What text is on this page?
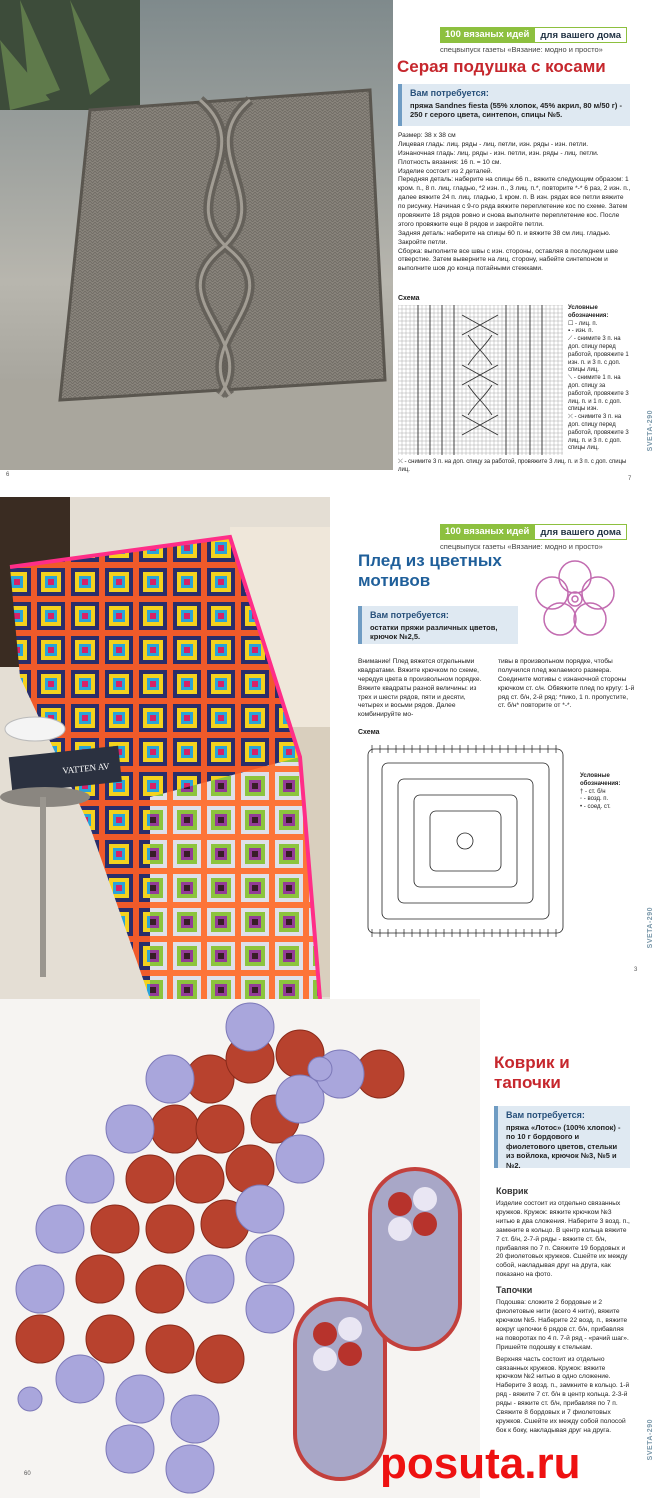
6
100 вязаных идей	для вашего дома
спецвыпуск газеты «Вязание: модно и просто»
Серая подушка с косами
Вам потребуется:
пряжа Sandnes fiesta (55% хлопок, 45% акрил, 80 м/50 г) - 250 г серого цвета, синтепон, спицы №5.
Размер: 38 х 38 см
Лицевая гладь: лиц. ряды - лиц. петли, изн. ряды - изн. петли.
Изнаночная гладь: лиц. ряды - изн. петли, изн. ряды - лиц. петли.
Плотность вязания: 16 п. = 10 см.
Изделие состоит из 2 деталей.
Передняя деталь: наберите на спицы 66 п., вяжите следующим образом: 1 кром. п., 8 п. лиц. гладью, *2 изн. п., 3 лиц. п.*, повторите *-* 6 раз, 2 изн. п., далее вяжите 24 п. лиц. гладью, 1 кром. п. В изн. рядах все петли вяжите по рисунку. Начиная с 9-го ряда вяжите переплетение кос по схеме. Затем провяжите 18 рядов ровно и снова выполните переплетение кос. После этого провяжите еще 8 рядов и закройте петли.
Задняя деталь: наберите на спицы 60 п. и вяжите 38 см лиц. гладью. Закройте петли.
Сборка: выполните все швы с изн. стороны, оставляя в последнем шве отверстие. Затем выверните на лиц. сторону, набейте синтепоном и выполните шов до конца потайными стежками.
Схема
Условные обозначения:
☐ - лиц. п.
▪ - изн. п.
⟋ - снимите 3 п. на доп. спицу перед работой, провяжите 1 изн. п. и 3 п. с доп. спицы лиц.
⟍ - снимите 1 п. на доп. спицу за работой, провяжите 3 лиц. п. и 1 п. с доп. спицы изн.
⤫ - снимите 3 п. на доп. спицу перед работой, провяжите 3 лиц. п. и 3 п. с доп. спицы лиц.
⤬ - снимите 3 п. на доп. спицу за работой, провяжите 3 лиц. п. и 3 п. с доп. спицы лиц.
7
SVETA-290
VATTEN AV
100 вязаных идей	для вашего дома
спецвыпуск газеты «Вязание: модно и просто»
Плед из цветных мотивов
Вам потребуется:
остатки пряжи различных цветов, крючок №2,5.
Внимание! Плед вяжется отдельными квадратами. Вяжите крючком по схеме, чередуя цвета в произвольном порядке. Вяжите квадраты разной величины: из трех и шести рядов, пяти и десяти, четырех и восьми рядов. Далее комбинируйте мо-
тивы в произвольном порядке, чтобы получился плед желаемого размера. Соедините мотивы с изнаночной стороны крючком ст. с/н. Обвяжите плед по кругу: 1-й ряд ст. б/н, 2-й ряд: *пико, 1 п. пропустите, ст. б/н* повторите от *-*.
Схема
Условные обозначения:
† - ст. б/н
◦ - возд. п.
• - соед. ст.
3
SVETA-290
60
Коврик и тапочки
Вам потребуется:
пряжа «Лотос» (100% хлопок) - по 10 г бордового и фиолетового цветов, стельки из войлока, крючок №3, №5 и №2.
Коврик
Изделие состоит из отдельно связанных кружков. Кружок: вяжите крючком №3 нитью в два сложения. Наберите 3 возд. п., замкните в кольцо. В центр кольца вяжите 7 ст. б/н, 2-7-й ряды - вяжите ст. б/н, прибавляя по 7 п. Свяжите 19 бордовых и 20 фиолетовых кружков. Сшейте их между собой, накладывая друг на друга, как показано на фото.
Тапочки
Подошва: сложите 2 бордовые и 2 фиолетовые нити (всего 4 нити), вяжите крючком №5. Наберите 22 возд. п., вяжите вокруг цепочки 6 рядов ст. б/н, прибавляя на поворотах по 4 п. 7-й ряд - «рачий шаг». Пришейте подошву к стелькам.
Верхняя часть состоит из отдельно связанных кружков. Кружок: вяжите крючком №2 нитью в одно сложение. Наберите 3 возд. п., замкните в кольцо. 1-й ряд - вяжите 7 ст. б/н в центр кольца. 2-3-й ряды - вяжите ст. б/н, прибавляя по 7 п. Свяжите 8 бордовых и 7 фиолетовых кружков. Сшейте их между собой полосой бок к боку, накладывая друг на друга.	SVETA-290
posuta.ru
